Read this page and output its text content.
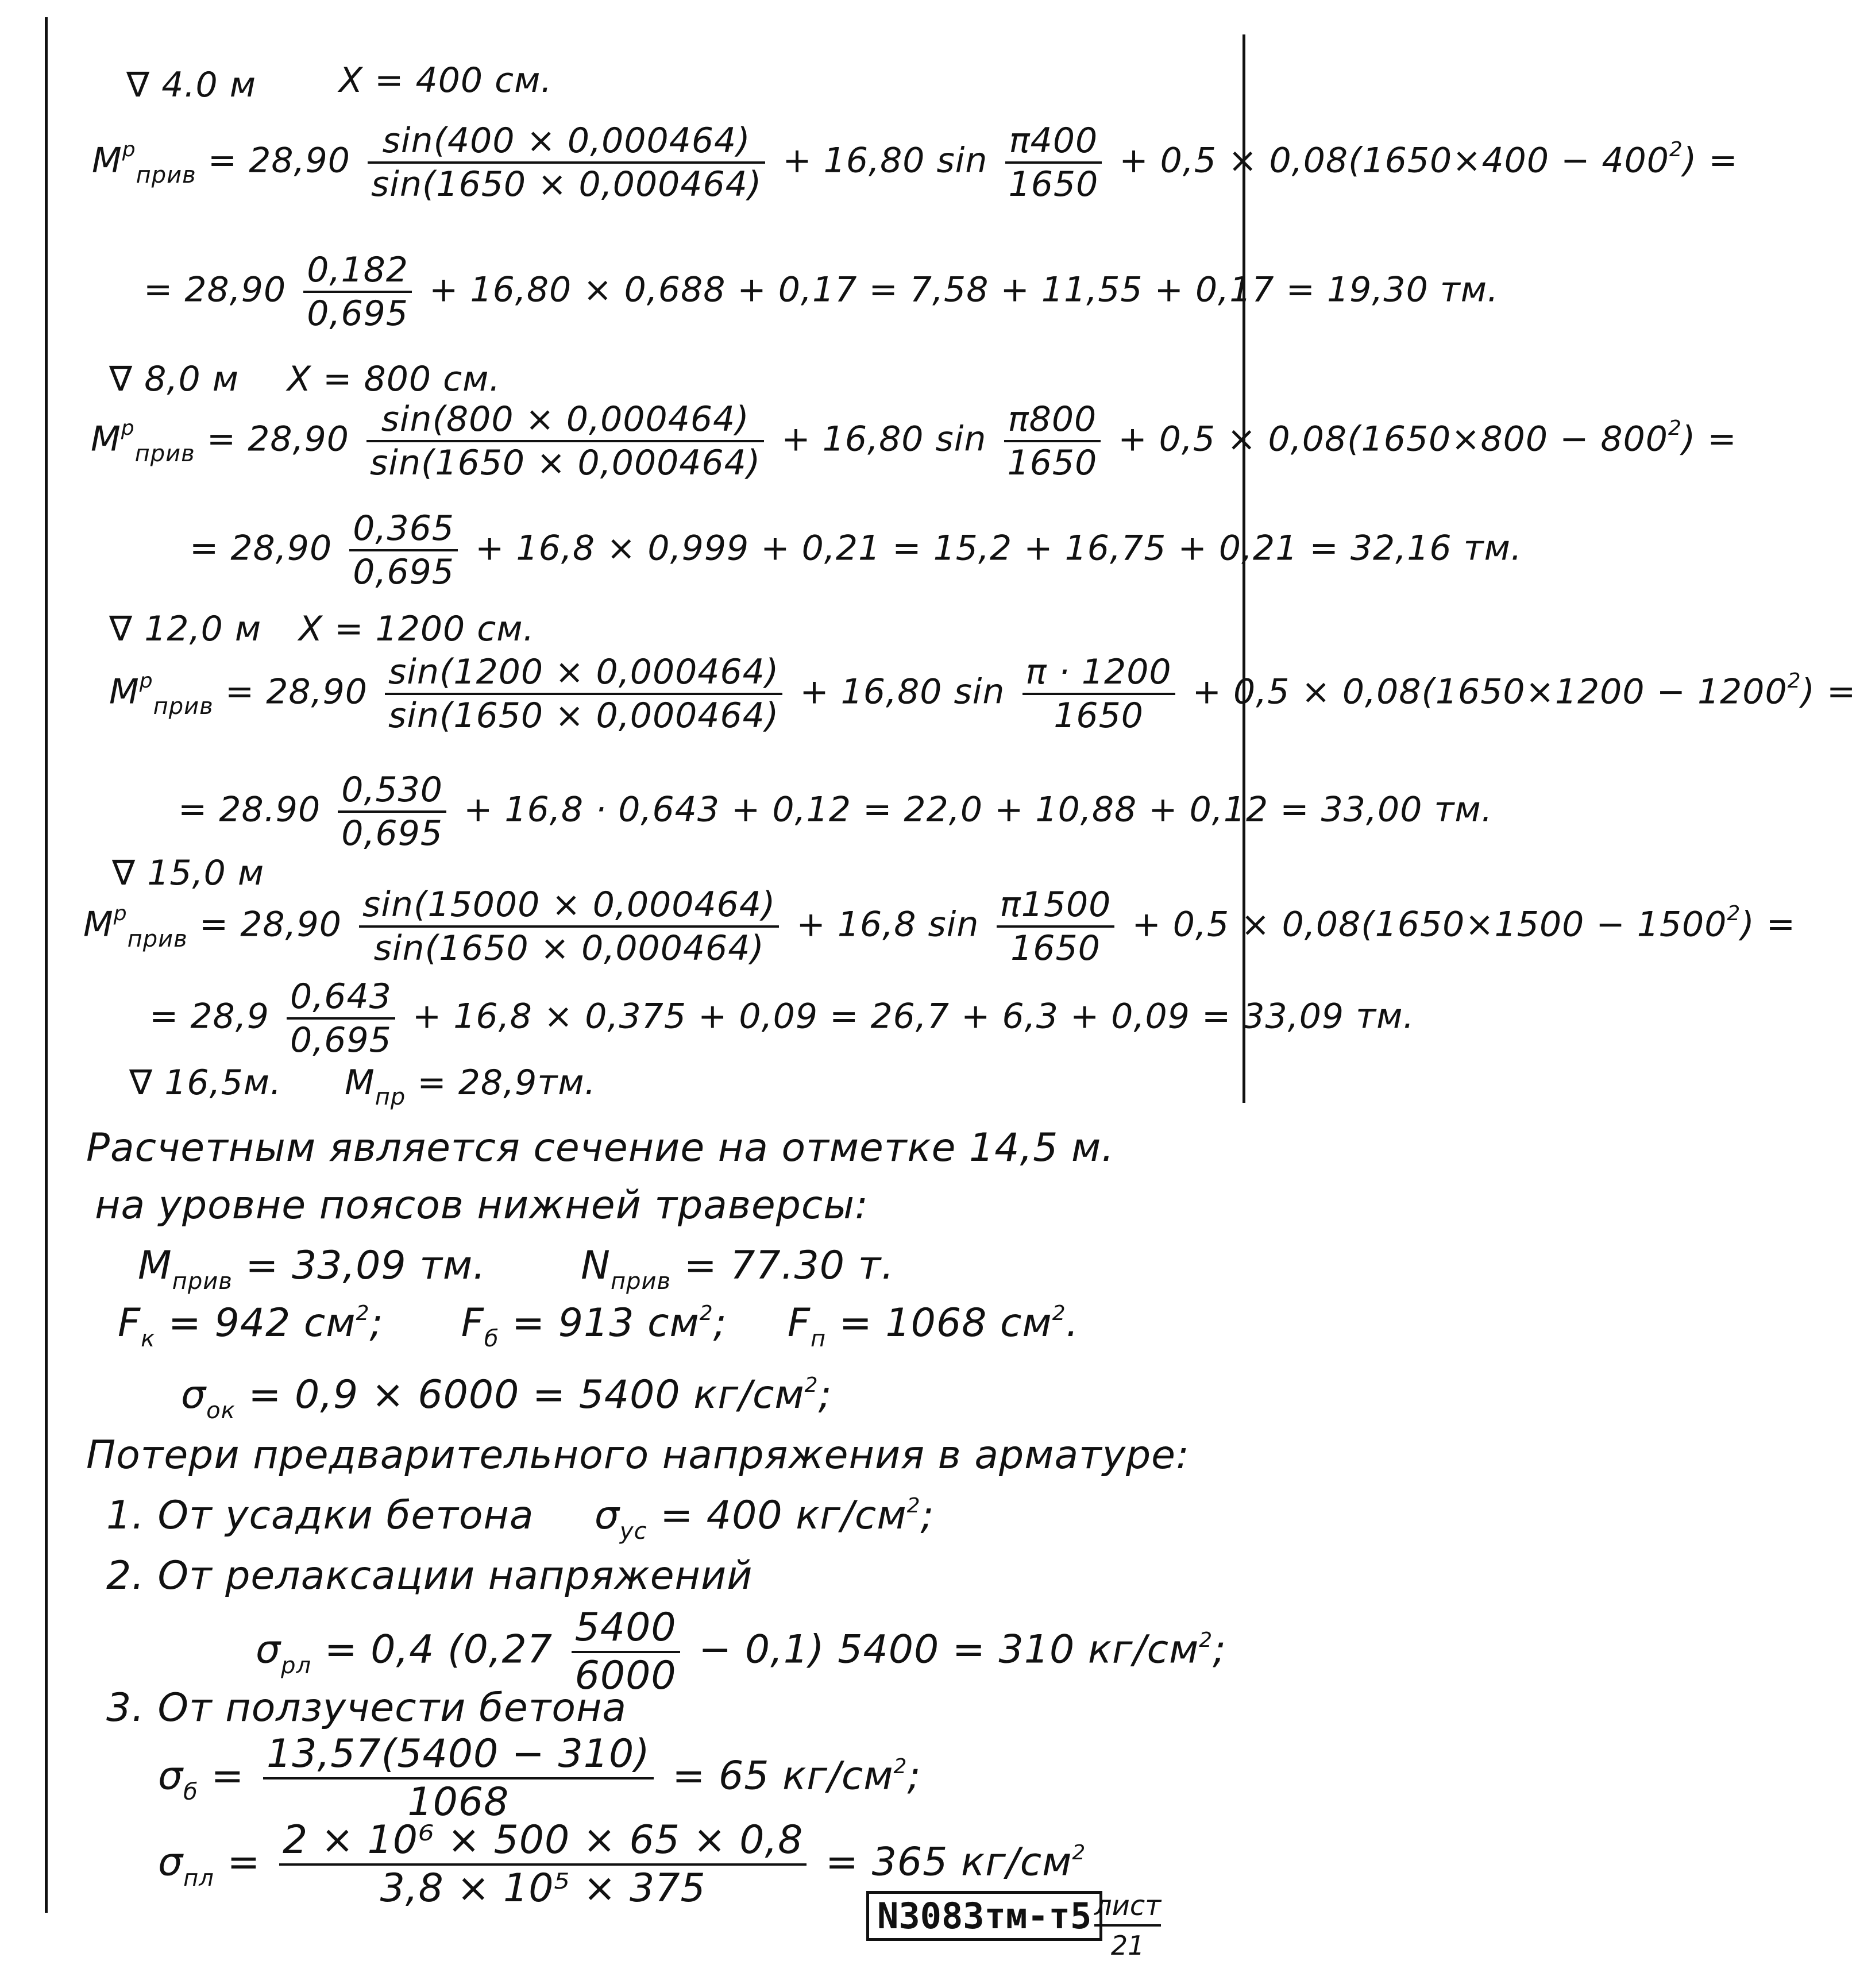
∇ 4.0 м X = 400 см.
$M^p_{прив} = 28,90 \frac{\sin(400 \times 0,000464)}{\sin(1650 \times 0,000464)} + 16,80$ $\sin \frac{\pi 400}{1650} + 0,5 \times 0,08(1650\times 400 - 400^2)$ =
= $28,90 \frac{0,182}{0,695} + 16,80 \times 0,688 + 0,17 = 7,58 + 11,55 + 0,17 = 19,30$ тм.
∇ 8,0 м X = 800 см.
$M^p_{прив} = 28,90 \frac{\sin(800 \times 0,000464)}{\sin(1650 \times 0,000464)} + 16,80$ $\sin \frac{\pi 800}{1650} + 0,5 \times 0,08(1650\times 800 - 800^2)$ =
= $28,90 \frac{0,365}{0,695} + 16,8 \times 0,999 + 0,21 = 15,2 + 16,75 + 0,21 = 32,16$ тм.
∇ 12,0 м X = 1200 см.
$M^p_{прив} = 28,90 \frac{\sin(1200 \times 0,000464)}{\sin(1650 \times 0,000464)} + 16,80$ $\sin \frac{\pi \cdot 1200}{1650} + 0,5 \times 0,08(1650\times 1200 - 1200^2)$ =
= $28.90 \frac{0,530}{0,695} + 16,8 \cdot 0,643 + 0,12 = 22,0 + 10,88 + 0,12 = 33,00$ тм.
∇ 15,0 м
$M^p_{прив} = 28,90 \frac{\sin(15000 \times 0,000464)}{\sin(1650 \times 0,000464)} + 16,8$ $\sin \frac{\pi 1500}{1650} + 0,5 \times 0,08(1650\times 1500 - 1500^2)$ =
= $28,9 \frac{0,643}{0,695} + 16,8 \times 0,375 + 0,09 = 26,7 + 6,3 + 0,09 = 33,09$ тм.
∇ 16,5м. $M_{пр} = 28,9тм$.
Расчетным является сечение на отметке 14,5 м.
на уровне поясов нижней траверсы:
$M_{прив} = 33,09$ тм. $N_{прив} = 77.30$ т.
$F_к = 942$ $см^2$; $F_б = 913$ $см^2$; $F_п = 1068$ $см^2$.
$\sigma_{ок} = 0,9 \times 6000 = 5400$ $кг/см^2$;
Потери предварительного напряжения в арматуре:
1. От усадки бетона $\sigma_{ус} = 400$ $кг/см^2$;
2. От релаксации напряжений
$\sigma_{рл} = 0,4$ $(0,27 \frac{5400}{6000} - 0,1)$ 5400 = 310 $кг/см^2$;
3. От ползучести бетона
$\sigma_б = \frac{13,57(5400 - 310)}{1068} = 65$ $кг/см^2$;
$\sigma_{пл} = \frac{\text{2 × 10⁶ × 500 × 65 × 0,8}}{\text{3,8 × 10⁵ × 375}} = 365$ $кг/см^2$
N3083тм-т5 лист
21
